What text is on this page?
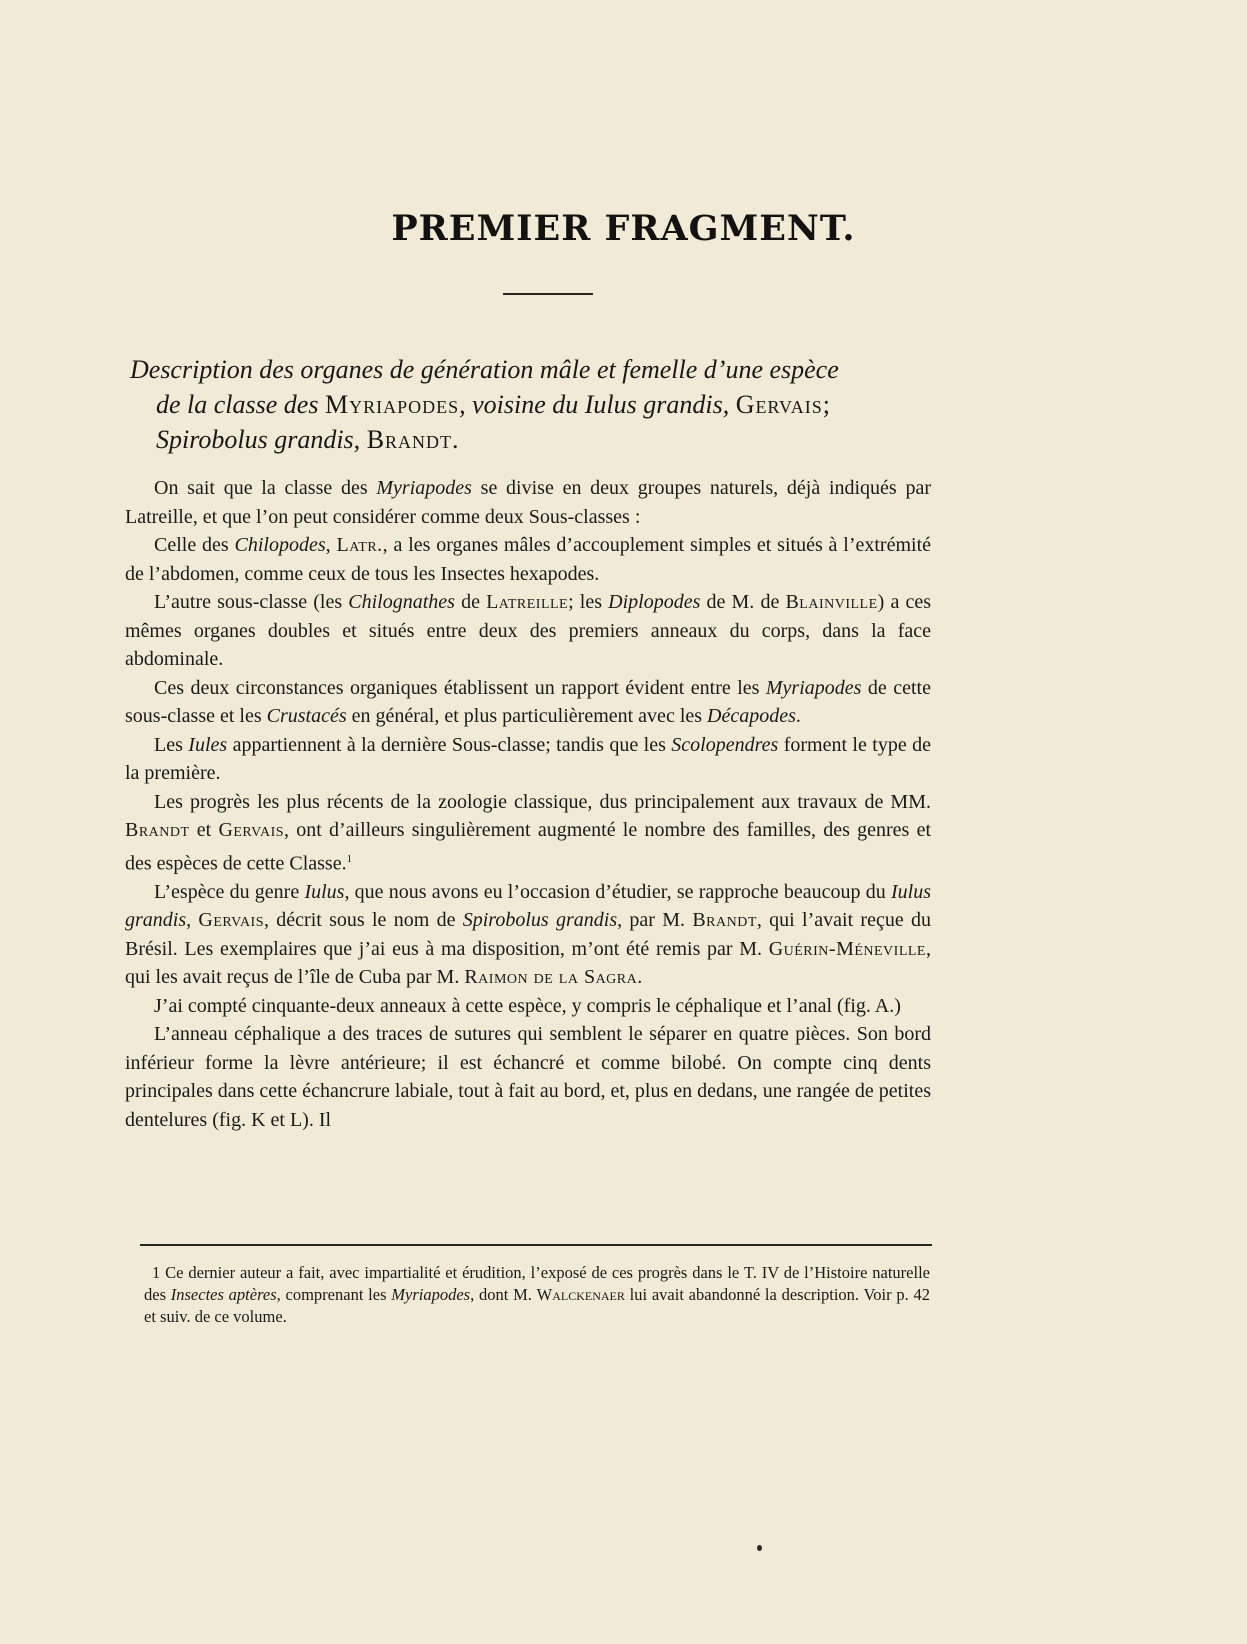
PREMIER FRAGMENT.
Description des organes de génération mâle et femelle d’une espèce
de la classe des Myriapodes, voisine du Iulus grandis, Gervais;
Spirobolus grandis, Brandt.

On sait que la classe des Myriapodes se divise en deux groupes naturels, déjà indiqués par Latreille, et que l’on peut considérer comme deux Sous-classes :

Celle des Chilopodes, Latr., a les organes mâles d’accouplement simples et situés à l’extrémité de l’abdomen, comme ceux de tous les Insectes hexapodes.

L’autre sous-classe (les Chilognathes de Latreille; les Diplopodes de M. de Blainville) a ces mêmes organes doubles et situés entre deux des premiers anneaux du corps, dans la face abdominale.

Ces deux circonstances organiques établissent un rapport évident entre les Myriapodes de cette sous-classe et les Crustacés en général, et plus particulièrement avec les Décapodes.

Les Iules appartiennent à la dernière Sous-classe; tandis que les Scolopendres forment le type de la première.

Les progrès les plus récents de la zoologie classique, dus principalement aux travaux de MM. Brandt et Gervais, ont d’ailleurs singulièrement augmenté le nombre des familles, des genres et des espèces de cette Classe.$^1$

L’espèce du genre Iulus, que nous avons eu l’occasion d’étudier, se rapproche beaucoup du Iulus grandis, Gervais, décrit sous le nom de Spirobolus grandis, par M. Brandt, qui l’avait reçue du Brésil. Les exemplaires que j’ai eus à ma disposition, m’ont été remis par M. Guérin-Méneville, qui les avait reçus de l’île de Cuba par M. Raimon de la Sagra.

J’ai compté cinquante-deux anneaux à cette espèce, y compris le céphalique et l’anal (fig. A.)

L’anneau céphalique a des traces de sutures qui semblent le séparer en quatre pièces. Son bord inférieur forme la lèvre antérieure; il est échancré et comme bilobé. On compte cinq dents principales dans cette échancrure labiale, tout à fait au bord, et, plus en dedans, une rangée de petites dentelures (fig. K et L). Il

1 Ce dernier auteur a fait, avec impartialité et érudition, l’exposé de ces progrès dans le T. IV de l’Histoire naturelle des Insectes aptères, comprenant les Myriapodes, dont M. Walckenaer lui avait abandonné la description. Voir p. 42 et suiv. de ce volume.
